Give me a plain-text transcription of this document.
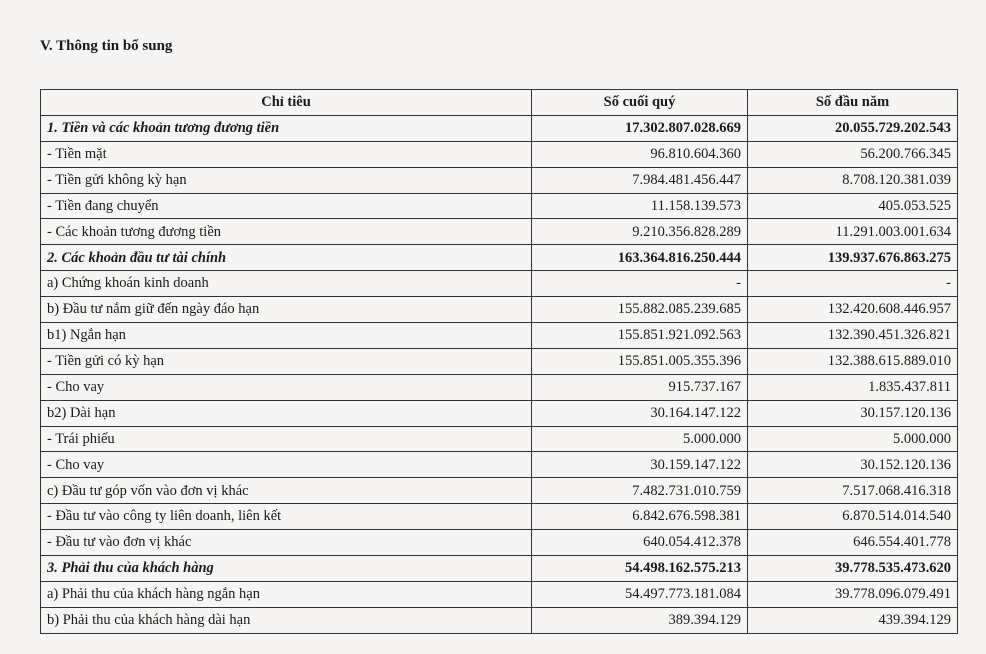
V. Thông tin bổ sung
Chỉ tiêu	Số cuối quý	Số đầu năm
1. Tiền và các khoản tương đương tiền	17.302.807.028.669	20.055.729.202.543
- Tiền mặt	96.810.604.360	56.200.766.345
- Tiền gửi không kỳ hạn	7.984.481.456.447	8.708.120.381.039
- Tiền đang chuyển	11.158.139.573	405.053.525
- Các khoản tương đương tiền	9.210.356.828.289	11.291.003.001.634
2. Các khoản đầu tư tài chính	163.364.816.250.444	139.937.676.863.275
a) Chứng khoán kinh doanh	-	-
b) Đầu tư nắm giữ đến ngày đáo hạn	155.882.085.239.685	132.420.608.446.957
b1) Ngắn hạn	155.851.921.092.563	132.390.451.326.821
- Tiền gửi có kỳ hạn	155.851.005.355.396	132.388.615.889.010
- Cho vay	915.737.167	1.835.437.811
b2) Dài hạn	30.164.147.122	30.157.120.136
- Trái phiếu	5.000.000	5.000.000
- Cho vay	30.159.147.122	30.152.120.136
c) Đầu tư góp vốn vào đơn vị khác	7.482.731.010.759	7.517.068.416.318
- Đầu tư vào công ty liên doanh, liên kết	6.842.676.598.381	6.870.514.014.540
- Đầu tư vào đơn vị khác	640.054.412.378	646.554.401.778
3. Phải thu của khách hàng	54.498.162.575.213	39.778.535.473.620
a) Phải thu của khách hàng ngắn hạn	54.497.773.181.084	39.778.096.079.491
b) Phải thu của khách hàng dài hạn	389.394.129	439.394.129
